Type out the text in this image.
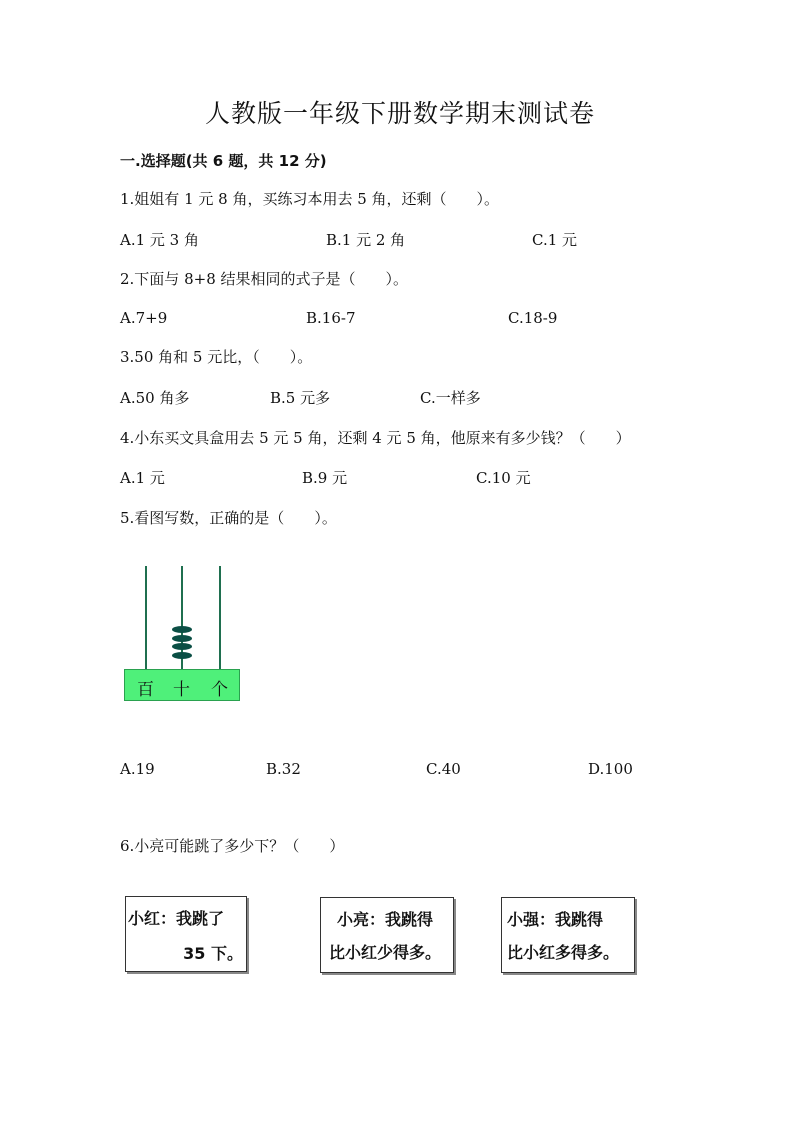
人教版一年级下册数学期末测试卷
一.选择题(共 6 题，共 12 分)
1.姐姐有 1 元 8 角，买练习本用去 5 角，还剩（　　）。
A.1 元 3 角	B.1 元 2 角	C.1 元
2.下面与 8+8 结果相同的式子是（　　）。
A.7+9	B.16-7	C.18-9
3.50 角和 5 元比，（　　）。
A.50 角多	B.5 元多	C.一样多
4.小东买文具盒用去 5 元 5 角，还剩 4 元 5 角，他原来有多少钱？（　　）
A.1 元	B.9 元	C.10 元
5.看图写数，正确的是（　　）。
百 十 个
A.19	B.32	C.40	D.100
6.小亮可能跳了多少下？（　　）
小红：我跳了
35 下。
小亮：我跳得
比小红少得多。
小强：我跳得
比小红多得多。
